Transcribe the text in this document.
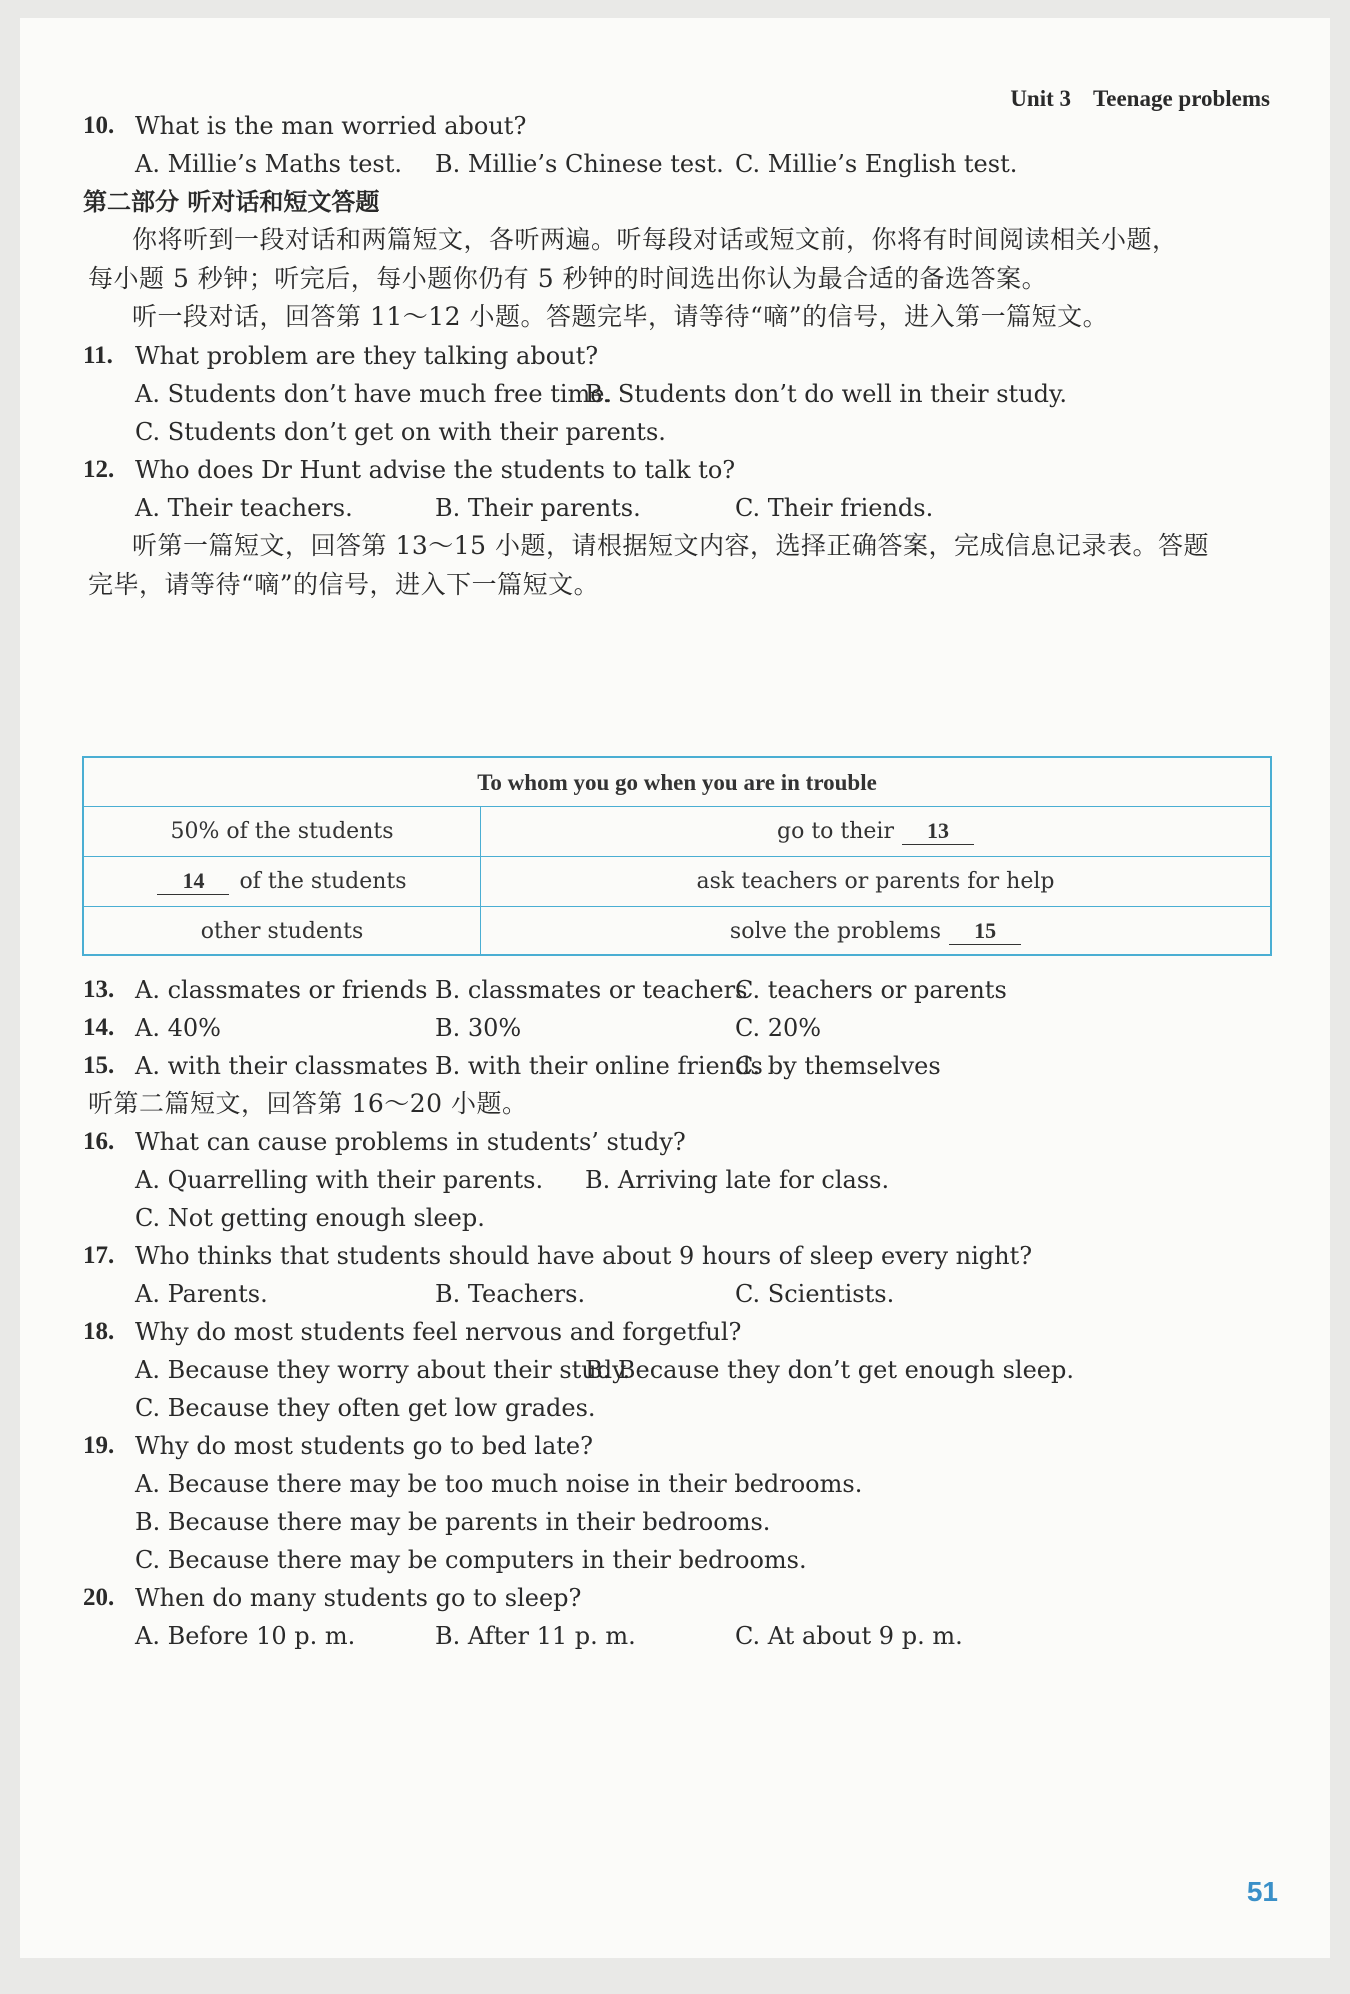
Unit 3 Teenage problems
10. What is the man worried about?
A. Millie’s Maths test. B. Millie’s Chinese test. C. Millie’s English test.
第二部分 听对话和短文答题
你将听到一段对话和两篇短文，各听两遍。听每段对话或短文前，你将有时间阅读相关小题，
每小题 5 秒钟；听完后，每小题你仍有 5 秒钟的时间选出你认为最合适的备选答案。
听一段对话，回答第 11～12 小题。答题完毕，请等待“嘀”的信号，进入第一篇短文。
11. What problem are they talking about?
A. Students don’t have much free time.
B. Students don’t do well in their study.
C. Students don’t get on with their parents.
12. Who does Dr Hunt advise the students to talk to?
A. Their teachers.	B. Their parents.	C. Their friends.
听第一篇短文，回答第 13～15 小题，请根据短文内容，选择正确答案，完成信息记录表。答题
完毕，请等待“嘀”的信号，进入下一篇短文。
To whom you go when you are in trouble
50% of the students	go to their 13
14 of the students	ask teachers or parents for help
other students	solve the problems 15
13. A. classmates or friends B. classmates or teachers
C. teachers or parents
14. A. 40%	B. 30%	C. 20%
15. A. with their classmates B. with their online friends
C. by themselves
听第二篇短文，回答第 16～20 小题。
16. What can cause problems in students’ study?
A. Quarrelling with their parents. B. Arriving late for class.
C. Not getting enough sleep.
17. Who thinks that students should have about 9 hours of sleep every night?
A. Parents.	B. Teachers.	C. Scientists.
18. Why do most students feel nervous and forgetful?
A. Because they worry about their study.
B. Because they don’t get enough sleep.
C. Because they often get low grades.
19. Why do most students go to bed late?
A. Because there may be too much noise in their bedrooms.
B. Because there may be parents in their bedrooms.
C. Because there may be computers in their bedrooms.
20. When do many students go to sleep?
A. Before 10 p. m.	B. After 11 p. m.	C. At about 9 p. m.
51
